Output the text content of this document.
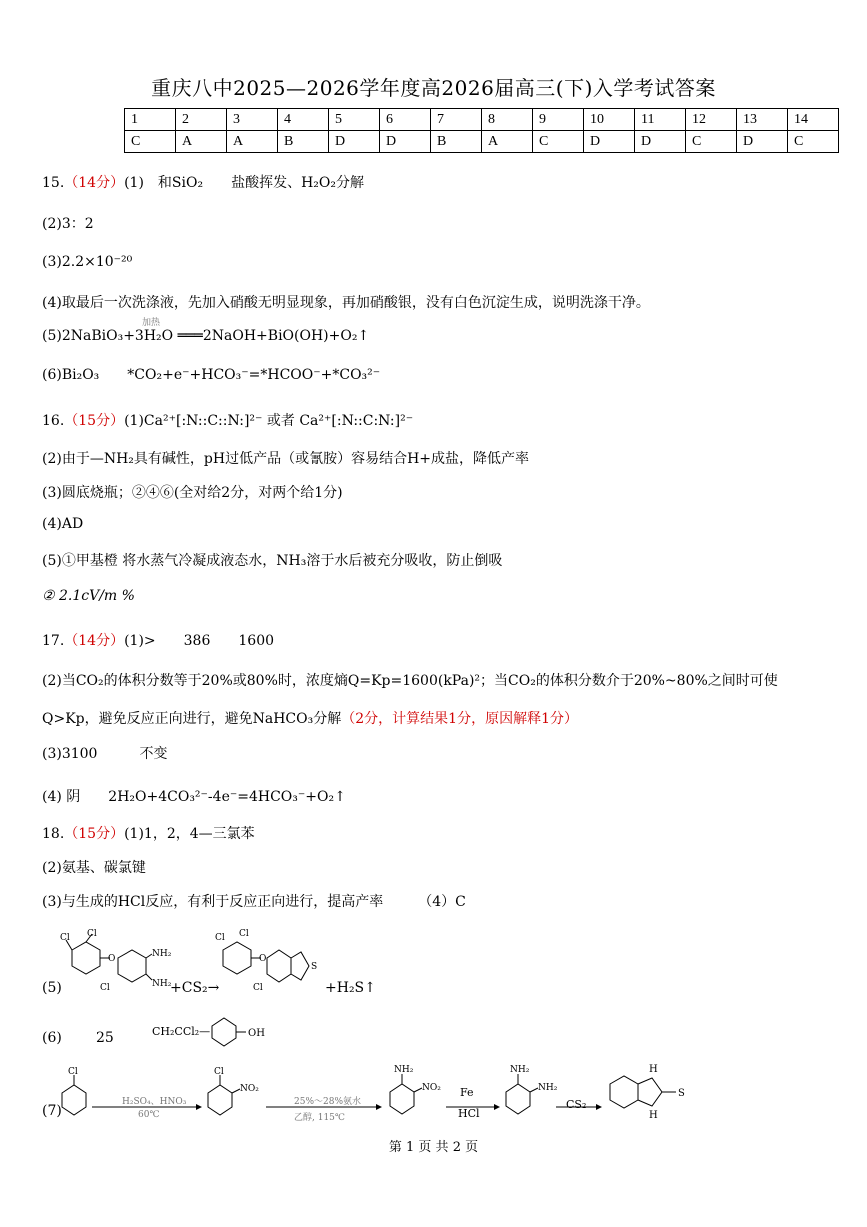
重庆八中2025—2026学年度高2026届高三(下)入学考试答案
1	2	3	4	5	6	7	8	9	10	11	12	13	14
C	A	A	B	D	D	B	A	C	D	D	C	D	C
15.（14分）(1)　和SiO₂　　盐酸挥发、H₂O₂分解
(2)3：2
(3)2.2×10⁻²⁰
(4)取最后一次洗涤液，先加入硝酸无明显现象，再加硝酸银，没有白色沉淀生成，说明洗涤干净。
加热
(5)2NaBiO₃+3H₂O ═══2NaOH+BiO(OH)+O₂↑
(6)Bi₂O₃　　*CO₂+e⁻+HCO₃⁻=*HCOO⁻+*CO₃²⁻
16.（15分）(1)Ca²⁺[:N::C::N:]²⁻ 或者 Ca²⁺[:N::C:N:]²⁻
(2)由于—NH₂具有碱性，pH过低产品（或氰胺）容易结合H+成盐，降低产率
(3)圆底烧瓶；②④⑥(全对给2分，对两个给1分)
(4)AD
(5)①甲基橙 将水蒸气冷凝成液态水，NH₃溶于水后被充分吸收，防止倒吸
② 2.1cV/m %
17.（14分）(1)>　　386　　1600
(2)当CO₂的体积分数等于20%或80%时，浓度熵Q=Kp=1600(kPa)²；当CO₂的体积分数介于20%~80%之间时可使
Q>Kp，避免反应正向进行，避免NaHCO₃分解（2分，计算结果1分，原因解释1分）
(3)3100　　　不变
(4) 阴　　2H₂O+4CO₃²⁻-4e⁻=4HCO₃⁻+O₂↑
18.（15分）(1)1，2，4—三氯苯
(2)氨基、碳氯键
(3)与生成的HCl反应，有利于反应正向进行，提高产率　　　（4）C
(5)
Cl Cl
O	NH₂
NH₂
Cl	+CS₂→
Cl Cl
O
S
Cl	+H₂S↑
(6) 25	CH₂CCl₂—	OH
(7)
Cl
H₂SO₄、HNO₃
60℃
Cl
NO₂
25%～28%氨水
乙醇, 115℃
NH₂
NO₂ Fe
HCl
NH₂
NH₂
CS₂
S
H
H
第 1 页 共 2 页
